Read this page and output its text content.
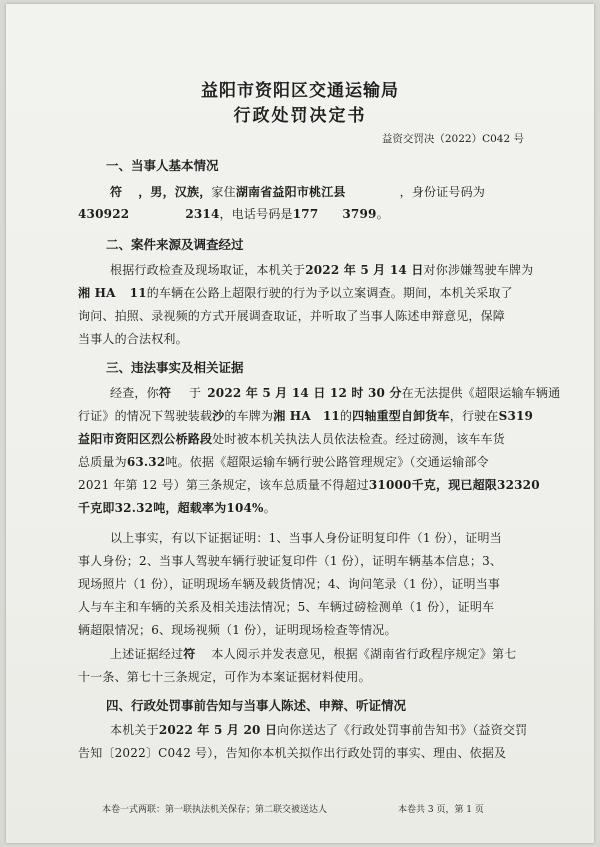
益阳市资阳区交通运输局
行政处罚决定书
益资交罚决（2022）C042 号
一、当事人基本情况
符 ，男，汉族，家住湖南省益阳市桃江县	，身份证号码为
430922	2314，电话号码是177 3799。
二、案件来源及调查经过
根据行政检查及现场取证，本机关于2022 年 5 月 14 日对你涉嫌驾驶车牌为
湘 HA 11的车辆在公路上超限行驶的行为予以立案调查。期间，本机关采取了
询问、拍照、录视频的方式开展调查取证，并听取了当事人陈述申辩意见，保障
当事人的合法权利。
三、违法事实及相关证据
经查，你符 于 2022 年 5 月 14 日 12 时 30 分在无法提供《超限运输车辆通
行证》的情况下驾驶装载沙的车牌为湘 HA 11的四轴重型自卸货车，行驶在S319
益阳市资阳区烈公桥路段处时被本机关执法人员依法检查。经过磅测，该车车货
总质量为63.32吨。依据《超限运输车辆行驶公路管理规定》（交通运输部令
2021 年第 12 号）第三条规定，该车总质量不得超过31000千克，现已超限32320
千克即32.32吨，超载率为104%。
以上事实，有以下证据证明：1、当事人身份证明复印件（1 份），证明当
事人身份；2、当事人驾驶车辆行驶证复印件（1 份），证明车辆基本信息；3、
现场照片（1 份），证明现场车辆及载货情况；4、询问笔录（1 份），证明当事
人与车主和车辆的关系及相关违法情况；5、车辆过磅检测单（1 份），证明车
辆超限情况；6、现场视频（1 份），证明现场检查等情况。
上述证据经过符 本人阅示并发表意见，根据《湖南省行政程序规定》第七
十一条、第七十三条规定，可作为本案证据材料使用。
四、行政处罚事前告知与当事人陈述、申辩、听证情况
本机关于2022 年 5 月 20 日向你送达了《行政处罚事前告知书》（益资交罚
告知〔2022〕C042 号），告知你本机关拟作出行政处罚的事实、理由、依据及
本卷一式两联：第一联执法机关保存；第二联交被送达人	本卷共 3 页，第 1 页
